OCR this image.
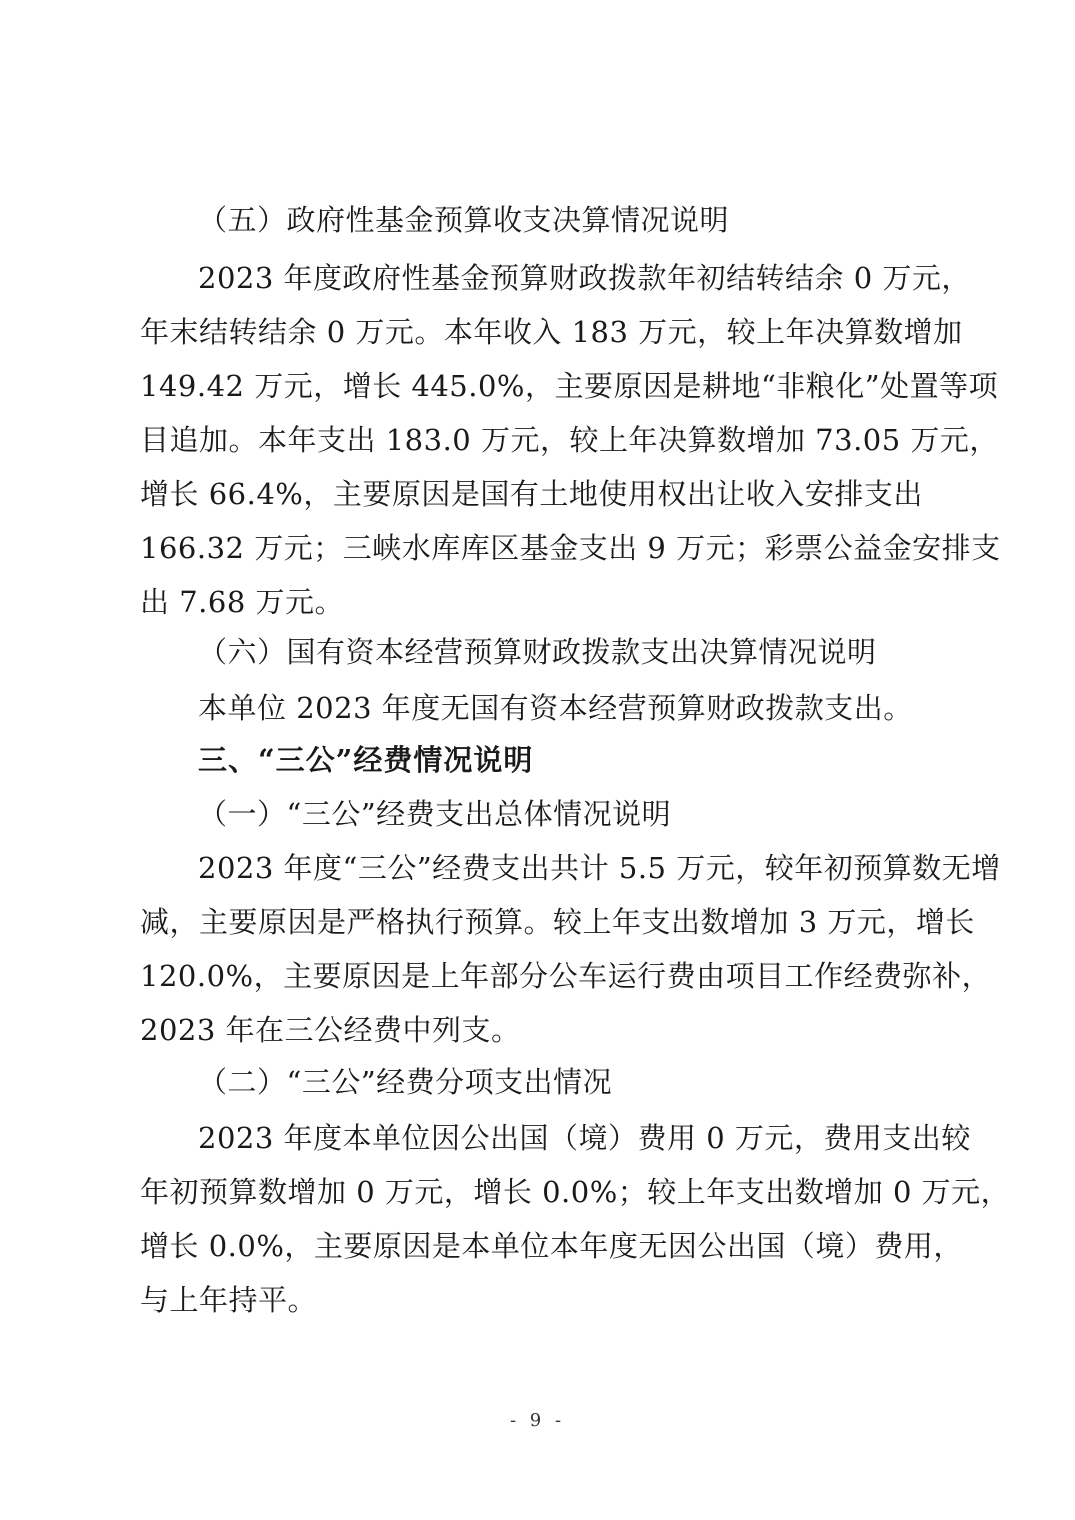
（五）政府性基金预算收支决算情况说明
2023 年度政府性基金预算财政拨款年初结转结余 0 万元，
年末结转结余 0 万元。本年收入 183 万元，较上年决算数增加
149.42 万元，增长 445.0%，主要原因是耕地“非粮化”处置等项
目追加。本年支出 183.0 万元，较上年决算数增加 73.05 万元，
增长 66.4%，主要原因是国有土地使用权出让收入安排支出
166.32 万元；三峡水库库区基金支出 9 万元；彩票公益金安排支
出 7.68 万元。
（六）国有资本经营预算财政拨款支出决算情况说明
本单位 2023 年度无国有资本经营预算财政拨款支出。
三、“三公”经费情况说明
（一）“三公”经费支出总体情况说明
2023 年度“三公”经费支出共计 5.5 万元，较年初预算数无增
减，主要原因是严格执行预算。较上年支出数增加 3 万元，增长
120.0%，主要原因是上年部分公车运行费由项目工作经费弥补，
2023 年在三公经费中列支。
（二）“三公”经费分项支出情况
2023 年度本单位因公出国（境）费用 0 万元，费用支出较
年初预算数增加 0 万元，增长 0.0%；较上年支出数增加 0 万元，
增长 0.0%，主要原因是本单位本年度无因公出国（境）费用，
与上年持平。
- 9 -
